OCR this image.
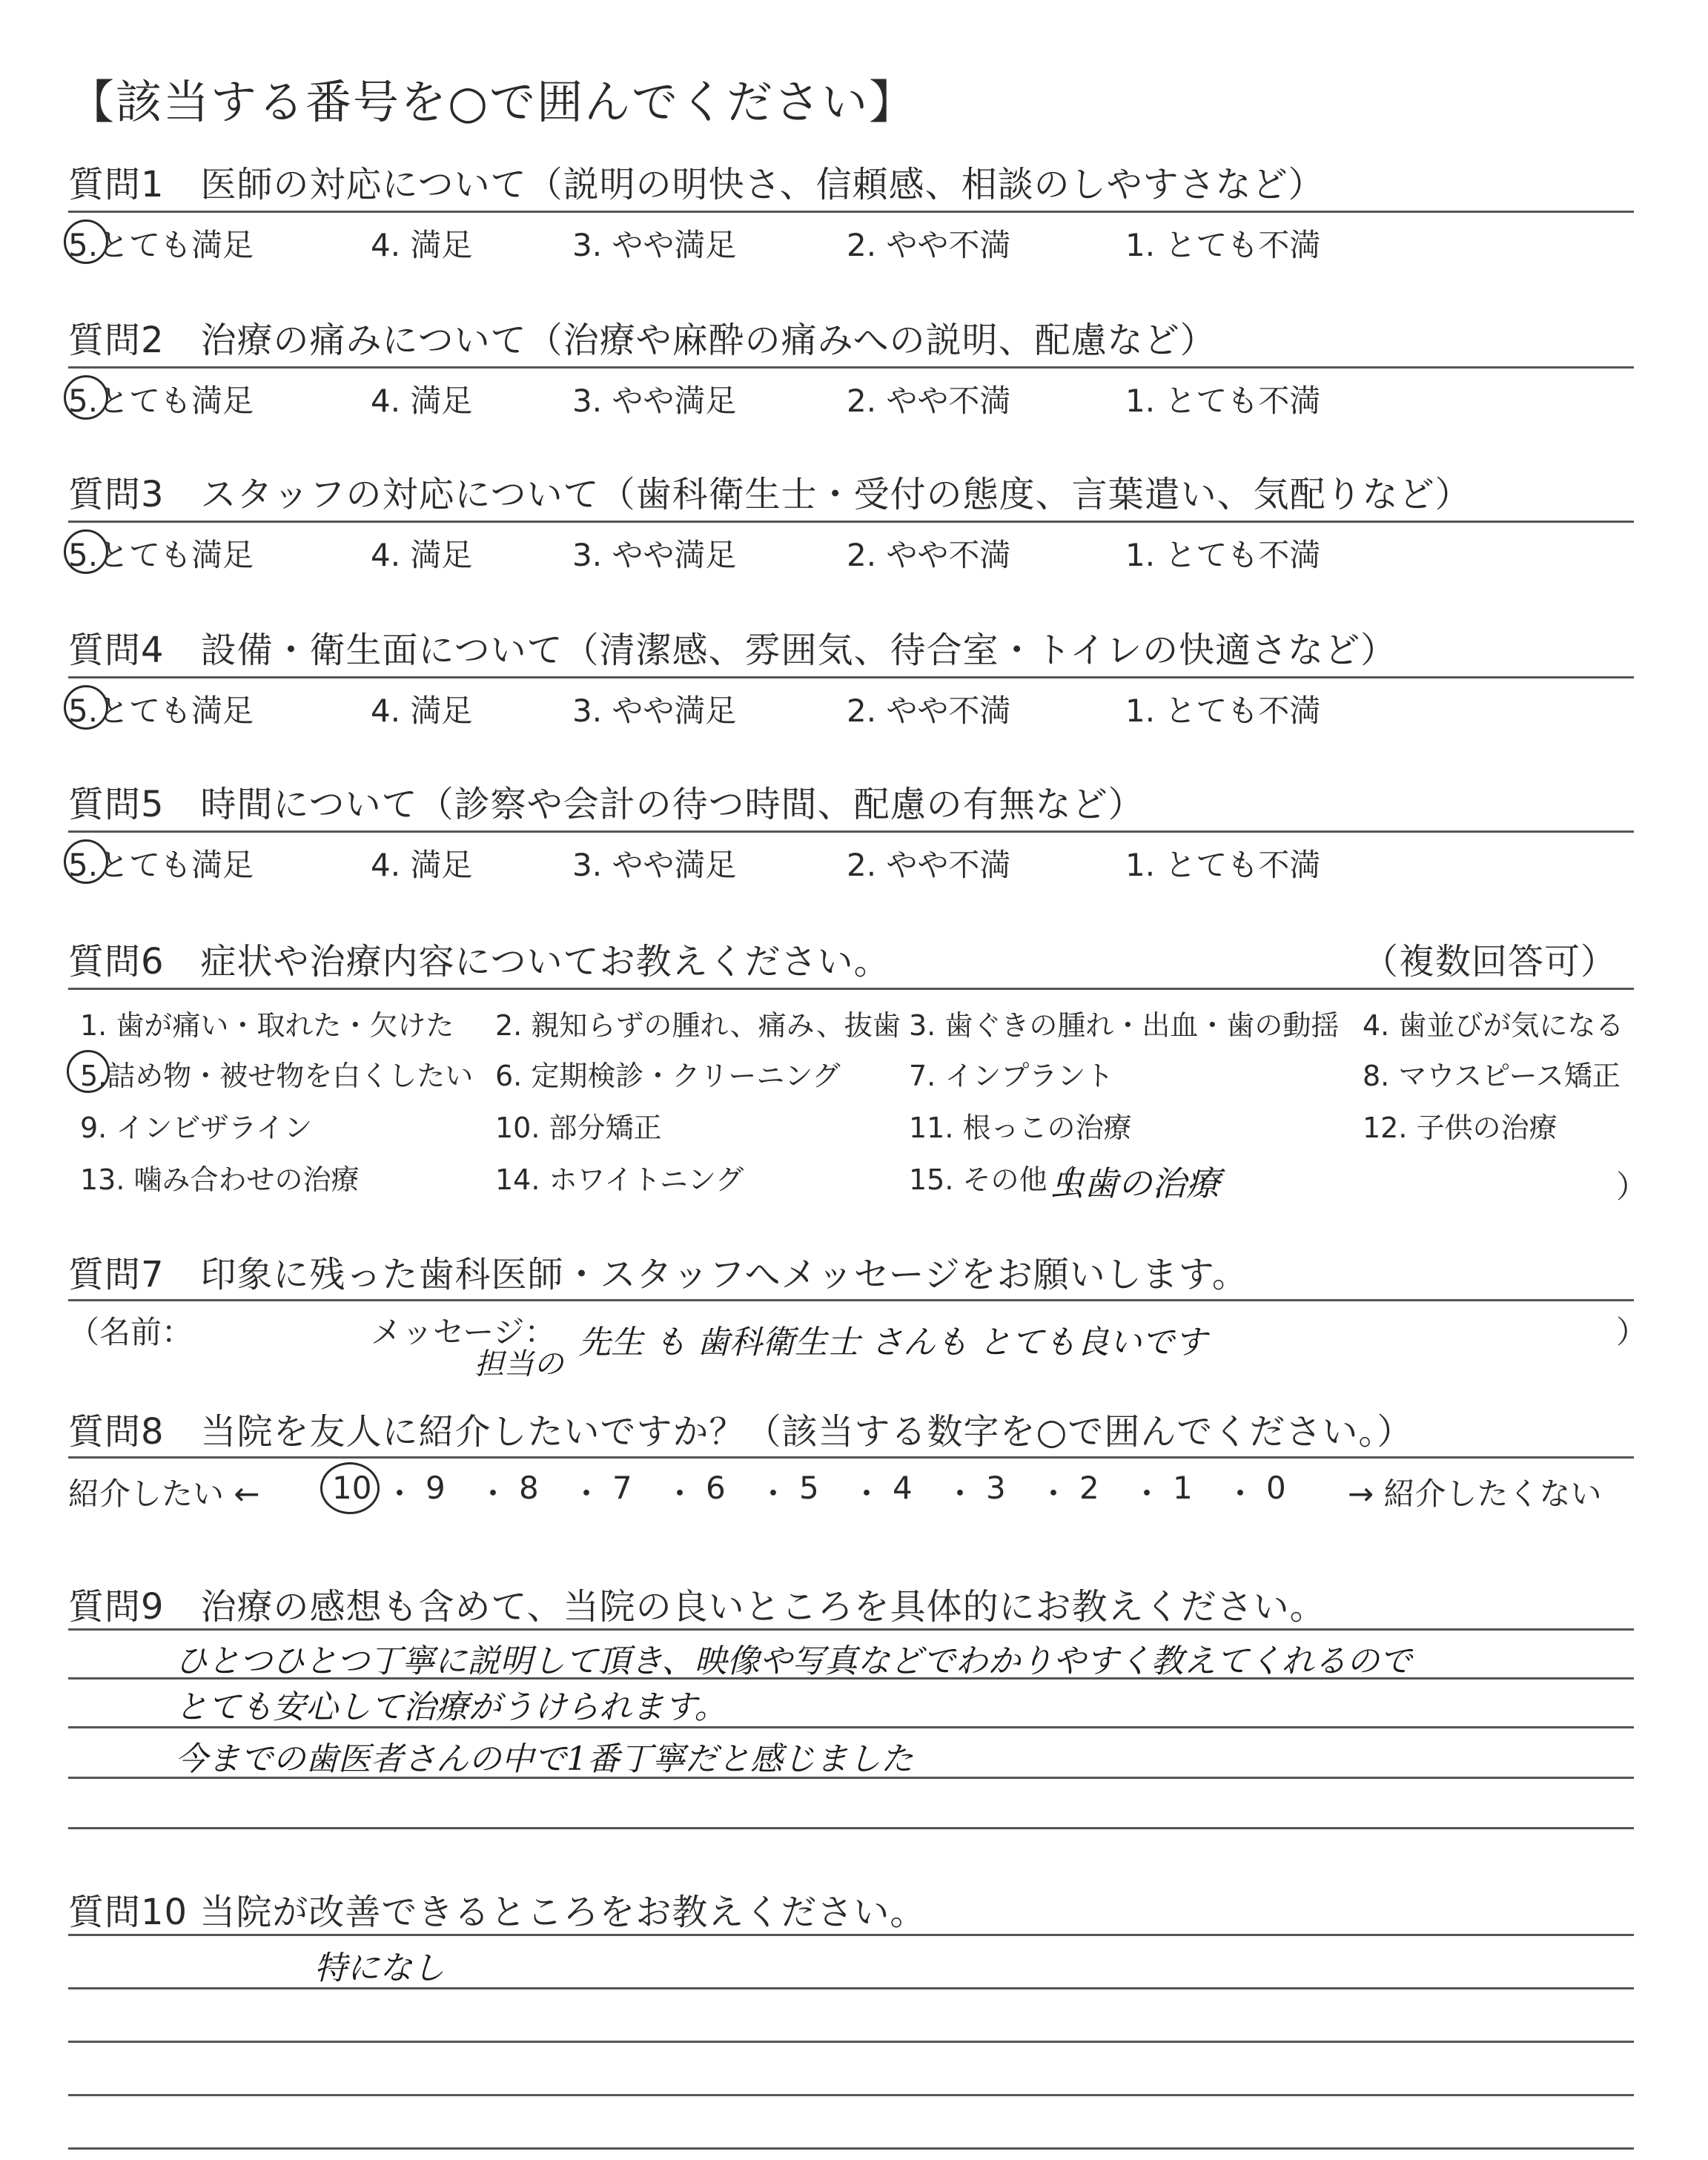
【該当する番号を○で囲んでください】
質問6　症状や治療内容についてお教えください。	（複数回答可）
虫歯の治療	）
質問7　印象に残った歯科医師・スタッフへメッセージをお願いします。
（名前：	メッセージ：
担当の
先生 も 歯科衛生士 さんも とても良いです	）
質問8　当院を友人に紹介したいですか？（該当する数字を○で囲んでください。）
紹介したい ← 10 ・ 9 ・ 8 ・ 7 ・ 6 ・ 5 ・ 4 ・ 3 ・ 2 ・ 1 ・ 0 → 紹介したくない
質問9　治療の感想も含めて、当院の良いところを具体的にお教えください。
ひとつひとつ丁寧に説明して頂き、映像や写真などでわかりやすく教えてくれるので
とても安心して治療がうけられます。
今までの歯医者さんの中で1番丁寧だと感じました
質問10 当院が改善できるところをお教えください。
特になし
質問1　医師の対応について（説明の明快さ、信頼感、相談のしやすさなど）
5.とても満足	4. 満足	3. やや満足	2. やや不満	1. とても不満
質問2　治療の痛みについて（治療や麻酔の痛みへの説明、配慮など）
5.とても満足	4. 満足	3. やや満足	2. やや不満	1. とても不満
質問3　スタッフの対応について（歯科衛生士・受付の態度、言葉遣い、気配りなど）
5.とても満足	4. 満足	3. やや満足	2. やや不満	1. とても不満
質問4　設備・衛生面について（清潔感、雰囲気、待合室・トイレの快適さなど）
5.とても満足	4. 満足	3. やや満足	2. やや不満	1. とても不満
質問5　時間について（診察や会計の待つ時間、配慮の有無など）
5.とても満足	4. 満足	3. やや満足	2. やや不満	1. とても不満
1. 歯が痛い・取れた・欠けた 2. 親知らずの腫れ、痛み、抜歯 3. 歯ぐきの腫れ・出血・歯の動揺 4. 歯並びが気になる
5.詰め物・被せ物を白くしたい 6. 定期検診・クリーニング 7. インプラント	8. マウスピース矯正
9. インビザライン	10. 部分矯正	11. 根っこの治療	12. 子供の治療
13. 噛み合わせの治療	14. ホワイトニング	15. その他（
